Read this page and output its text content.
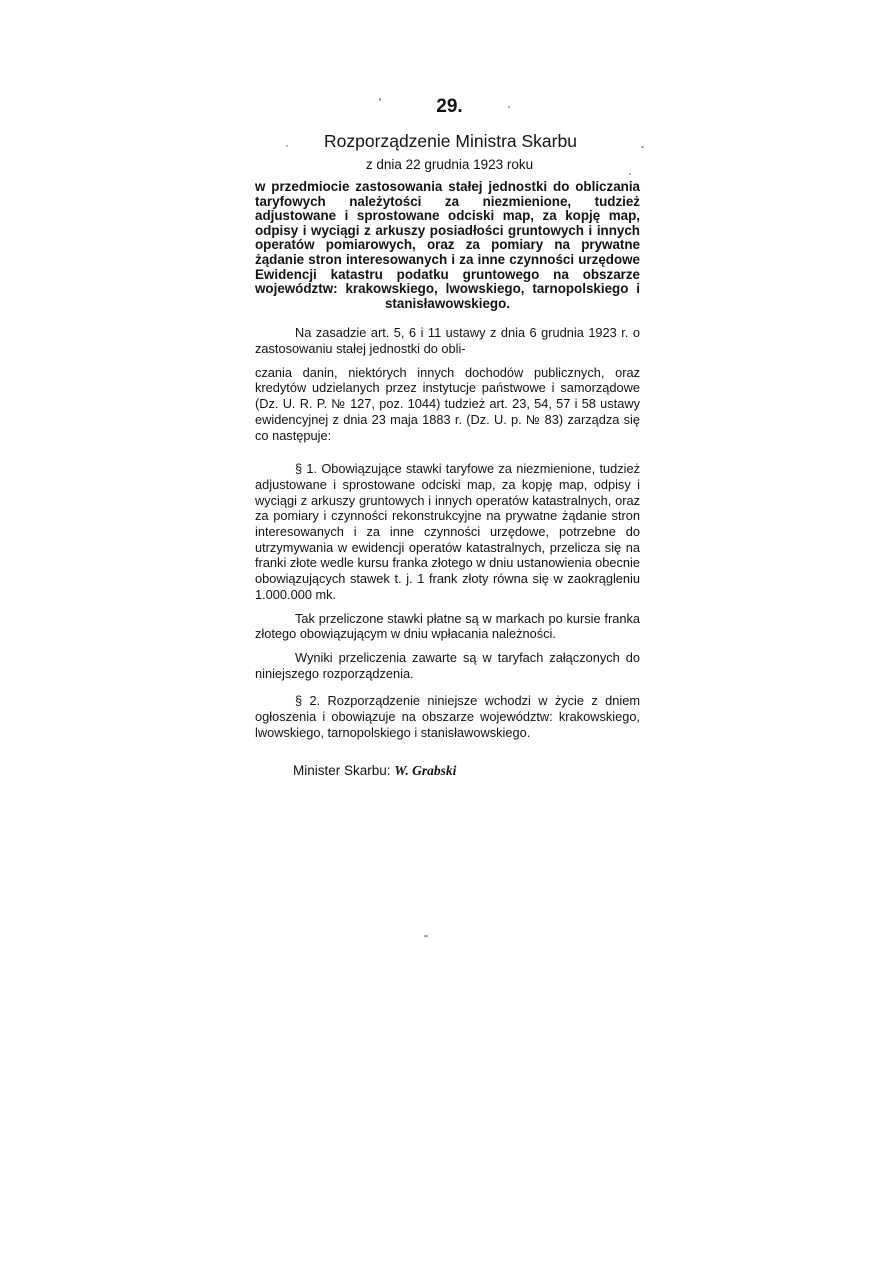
29.

Rozporządzenie Ministra Skarbu

z dnia 22 grudnia 1923 roku

w przedmiocie zastosowania stałej jednostki do obliczania taryfowych należytości za niezmienione, tudzież adjustowane i sprostowane odciski map, za kopję map, odpisy i wyciągi z arkuszy posiadłości gruntowych i innych operatów pomiarowych, oraz za pomiary na prywatne żądanie stron interesowanych i za inne czynności urzędowe Ewidencji katastru podatku gruntowego na obszarze województw: krakowskiego, lwowskiego, tarnopolskiego i stanisławowskiego.

Na zasadzie art. 5, 6 i 11 ustawy z dnia 6 grudnia 1923 r. o zastosowaniu stałej jednostki do obli-

czania danin, niektórych innych dochodów publicznych, oraz kredytów udzielanych przez instytucje państwowe i samorządowe (Dz. U. R. P. № 127, poz. 1044) tudzież art. 23, 54, 57 i 58 ustawy ewidencyjnej z dnia 23 maja 1883 r. (Dz. U. p. № 83) zarządza się co następuje:

§ 1. Obowiązujące stawki taryfowe za niezmienione, tudzież adjustowane i sprostowane odciski map, za kopję map, odpisy i wyciągi z arkuszy gruntowych i innych operatów katastralnych, oraz za pomiary i czynności rekonstrukcyjne na prywatne żądanie stron interesowanych i za inne czynności urzędowe, potrzebne do utrzymywania w ewidencji operatów katastralnych, przelicza się na franki złote wedle kursu franka złotego w dniu ustanowienia obecnie obowiązujących stawek t. j. 1 frank złoty równa się w zaokrągleniu 1.000.000 mk.

Tak przeliczone stawki płatne są w markach po kursie franka złotego obowiązującym w dniu wpłacania należności.

Wyniki przeliczenia zawarte są w taryfach załączonych do niniejszego rozporządzenia.

§ 2. Rozporządzenie niniejsze wchodzi w życie z dniem ogłoszenia i obowiązuje na obszarze województw: krakowskiego, lwowskiego, tarnopolskiego i stanisławowskiego.

Minister Skarbu: W. Grabski
